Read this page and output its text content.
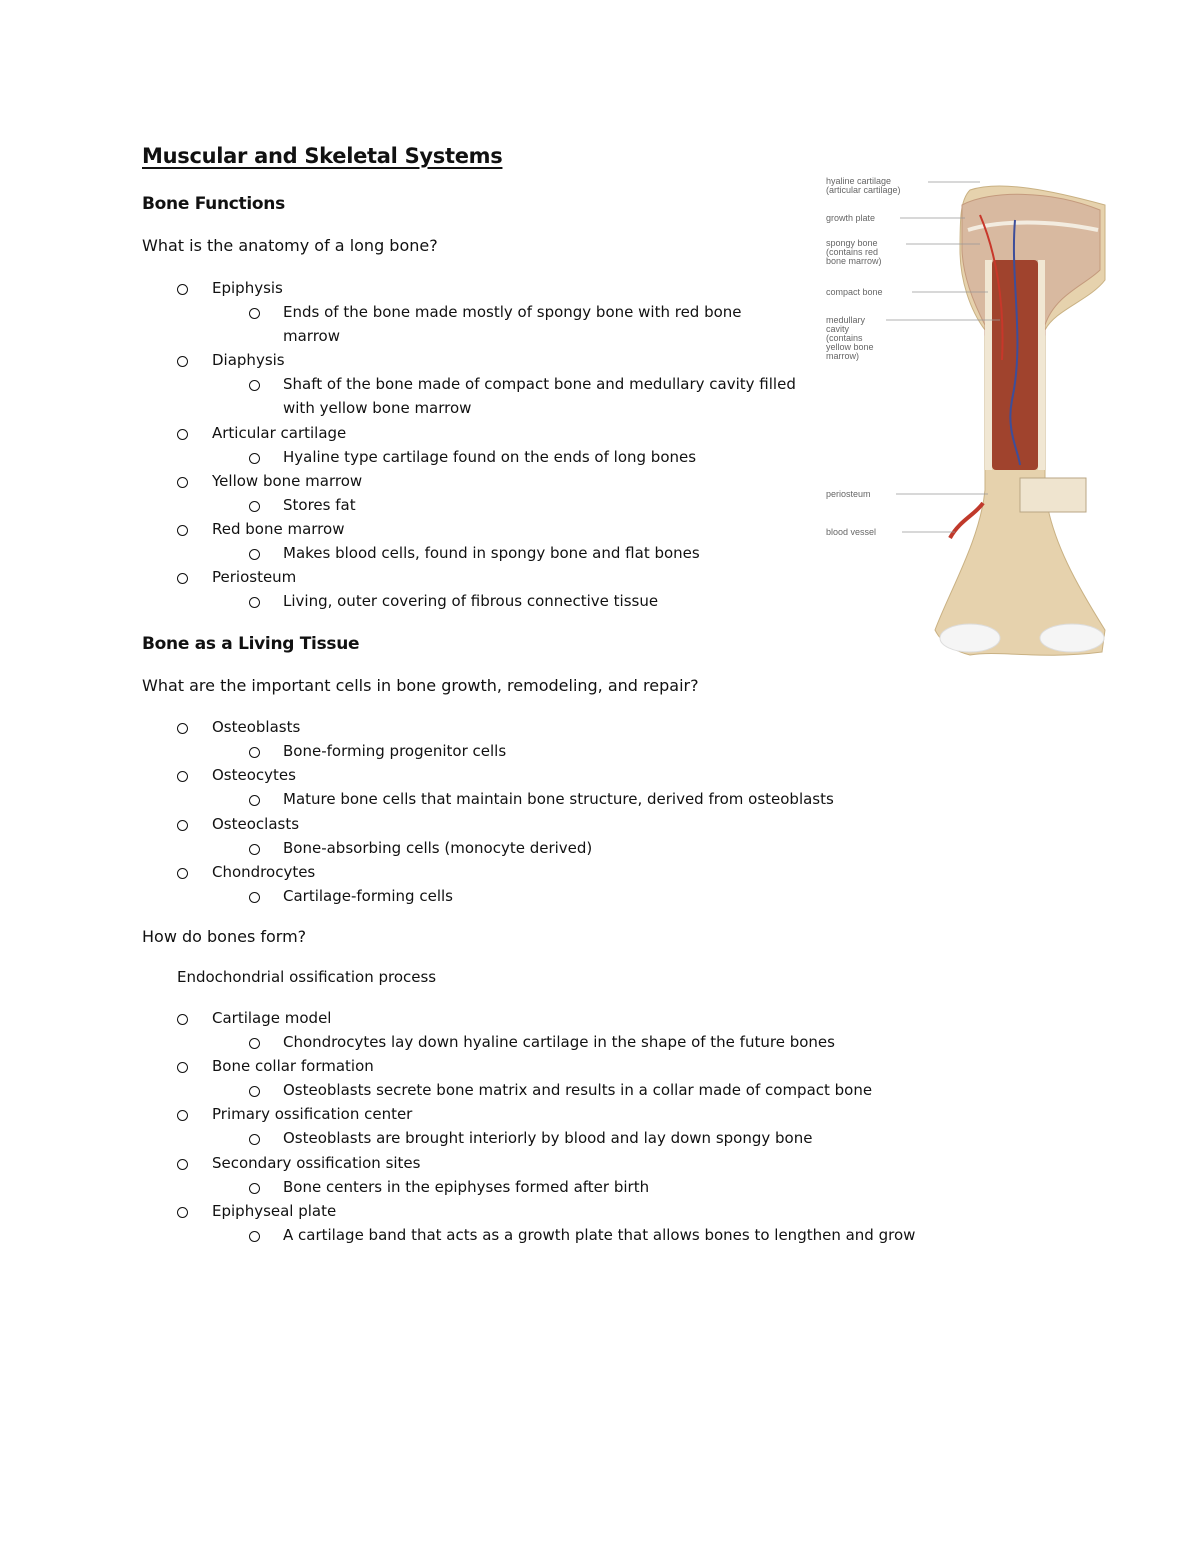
Muscular and Skeletal Systems
Bone Functions

What is the anatomy of a long bone?

Epiphysis
Ends of the bone made mostly of spongy bone with red bone marrow
Diaphysis
Shaft of the bone made of compact bone and medullary cavity filled with yellow bone marrow
Articular cartilage
Hyaline type cartilage found on the ends of long bones
Yellow bone marrow
Stores fat
Red bone marrow
Makes blood cells, found in spongy bone and flat bones
Periosteum
Living, outer covering of fibrous connective tissue
Bone as a Living Tissue

What are the important cells in bone growth, remodeling, and repair?

Osteoblasts
Bone-forming progenitor cells
Osteocytes
Mature bone cells that maintain bone structure, derived from osteoblasts
Osteoclasts
Bone-absorbing cells (monocyte derived)
Chondrocytes
Cartilage-forming cells

How do bones form?

Endochondrial ossification process

Cartilage model
Chondrocytes lay down hyaline cartilage in the shape of the future bones
Bone collar formation
Osteoblasts secrete bone matrix and results in a collar made of compact bone
Primary ossification center
Osteoblasts are brought interiorly by blood and lay down spongy bone
Secondary ossification sites
Bone centers in the epiphyses formed after birth
Epiphyseal plate
A cartilage band that acts as a growth plate that allows bones to lengthen and grow
hyaline cartilage
(articular cartilage)
growth plate
spongy bone
(contains red
bone marrow)
compact bone
medullary
cavity
(contains
yellow bone
marrow)
periosteum
blood vessel
